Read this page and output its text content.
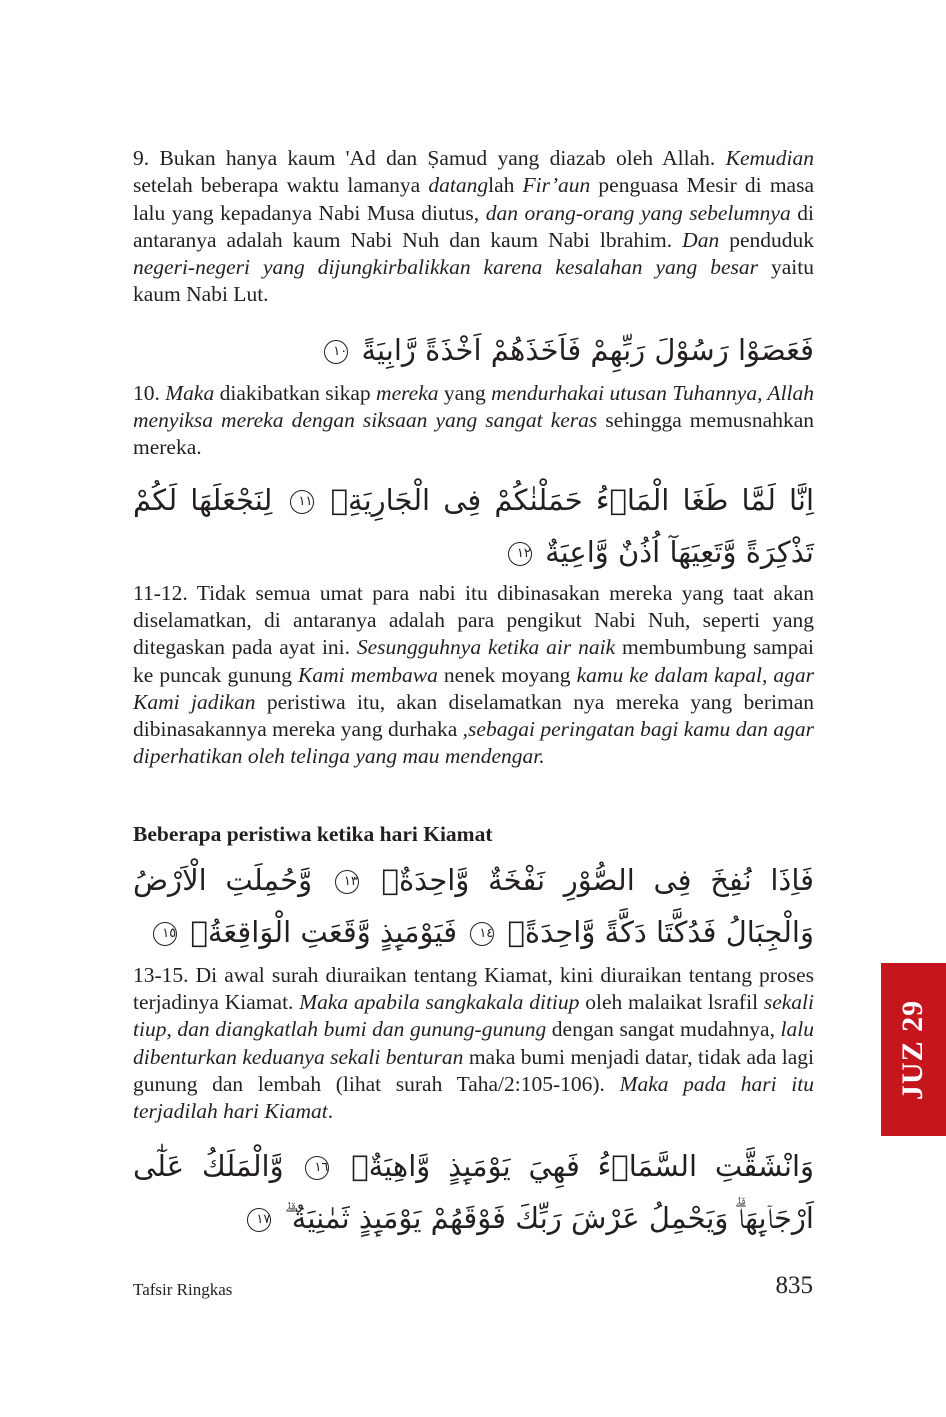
9. Bukan hanya kaum 'Ad dan Ṣamud yang diazab oleh Allah. Kemudian setelah beberapa waktu lamanya datanglah Fir’aun penguasa Mesir di masa lalu yang kepadanya Nabi Musa diutus, dan orang-orang yang sebelumnya di antaranya adalah kaum Nabi Nuh dan kaum Nabi lbrahim. Dan penduduk negeri-negeri yang dijungkirbalikkan karena kesalahan yang besar yaitu kaum Nabi Lut.

فَعَصَوْا رَسُوْلَ رَبِّهِمْ فَاَخَذَهُمْ اَخْذَةً رَّابِيَةً ١٠

10. Maka diakibatkan sikap mereka yang mendurhakai utusan Tuhannya, Allah menyiksa mereka dengan siksaan yang sangat keras sehingga memusnahkan mereka.

اِنَّا لَمَّا طَغَا الْمَاۤءُ حَمَلْنٰكُمْ فِى الْجَارِيَةِۙ ١١ لِنَجْعَلَهَا لَكُمْ تَذْكِرَةً وَّتَعِيَهَآ اُذُنٌ وَّاعِيَةٌ ١٢

11-12. Tidak semua umat para nabi itu dibinasakan mereka yang taat akan diselamatkan, di antaranya adalah para pengikut Nabi Nuh, seperti yang ditegaskan pada ayat ini. Sesungguhnya ketika air naik membumbung sampai ke puncak gunung Kami membawa nenek moyang kamu ke dalam kapal, agar Kami jadikan peristiwa itu, akan diselamatkan nya mereka yang beriman dibinasakannya mereka yang durhaka ,sebagai peringatan bagi kamu dan agar diperhatikan oleh telinga yang mau mendengar.

Beberapa peristiwa ketika hari Kiamat

فَاِذَا نُفِخَ فِى الصُّوْرِ نَفْخَةٌ وَّاحِدَةٌۙ ١٣ وَّحُمِلَتِ الْاَرْضُ وَالْجِبَالُ فَدُكَّتَا دَكَّةً وَّاحِدَةًۙ ١٤ فَيَوْمَىِٕذٍ وَّقَعَتِ الْوَاقِعَةُۙ ١٥

13-15. Di awal surah diuraikan tentang Kiamat, kini diuraikan tentang proses terjadinya Kiamat. Maka apabila sangkakala ditiup oleh malaikat lsrafil sekali tiup, dan diangkatlah bumi dan gunung-gunung dengan sangat mudahnya, lalu dibenturkan keduanya sekali benturan maka bumi menjadi datar, tidak ada lagi gunung dan lembah (lihat surah Taha/2:105-106). Maka pada hari itu terjadilah hari Kiamat.

وَانْشَقَّتِ السَّمَاۤءُ فَهِيَ يَوْمَىِٕذٍ وَّاهِيَةٌۙ ١٦ وَّالْمَلَكُ عَلٰٓى اَرْجَاۤىِٕهَاۗ وَيَحْمِلُ عَرْشَ رَبِّكَ فَوْقَهُمْ يَوْمَىِٕذٍ ثَمٰنِيَةٌ ۗ ١٧

JUZ 29
Tafsir Ringkas	835
